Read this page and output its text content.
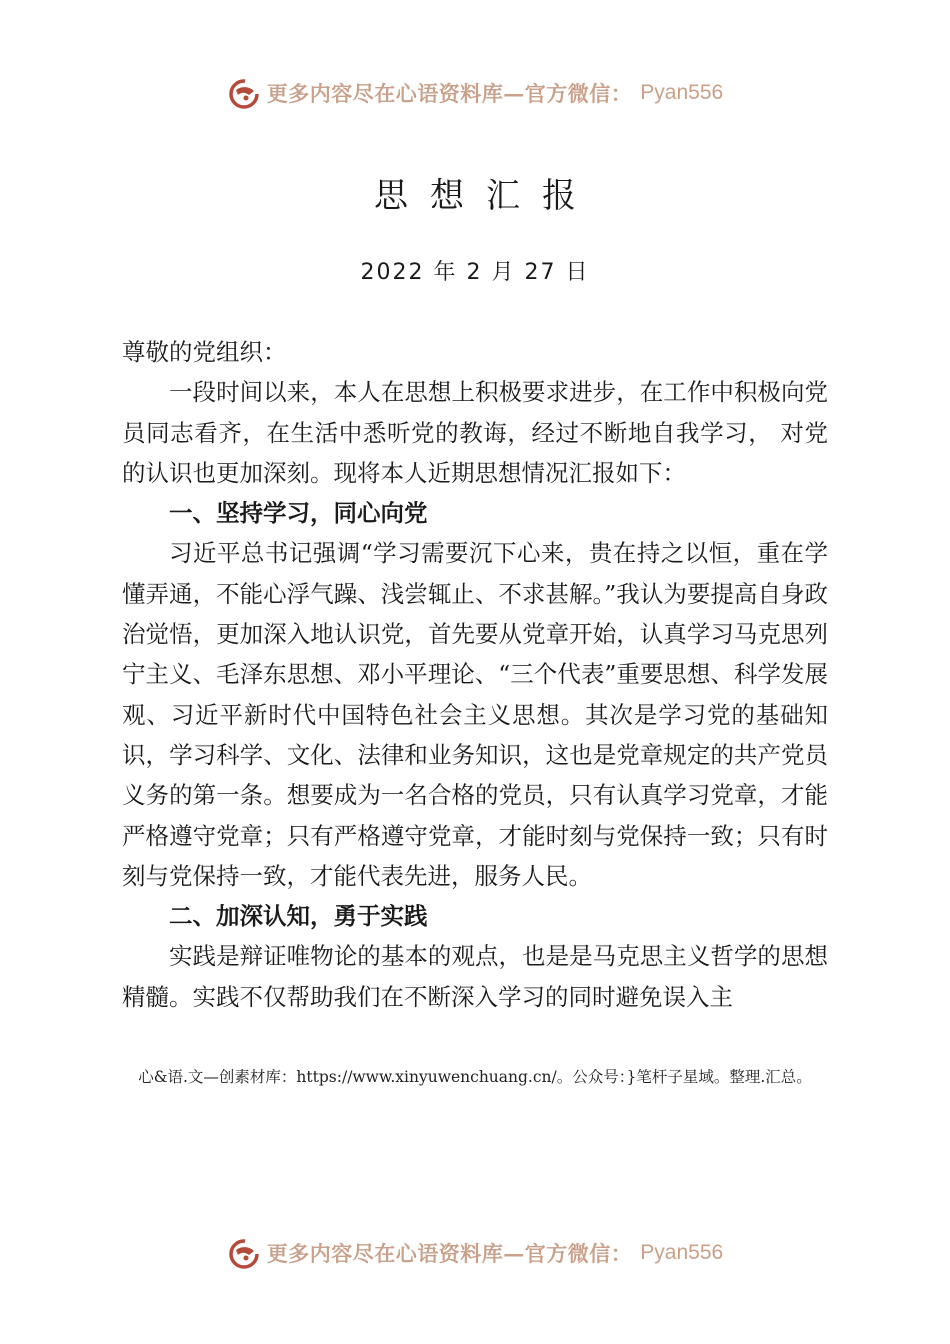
更多内容尽在心语资料库—官方微信： Pyan556
思想汇报
2022 年 2 月 27 日

尊敬的党组织：

一段时间以来，本人在思想上积极要求进步，在工作中积极向党员同志看齐，在生活中悉听党的教诲，经过不断地自我学习， 对党的认识也更加深刻。现将本人近期思想情况汇报如下：

一、坚持学习，同心向党

习近平总书记强调“学习需要沉下心来，贵在持之以恒，重在学懂弄通，不能心浮气躁、浅尝辄止、不求甚解。”我认为要提高自身政治觉悟，更加深入地认识党，首先要从党章开始，认真学习马克思列宁主义、毛泽东思想、邓小平理论、“三个代表”重要思想、科学发展观、习近平新时代中国特色社会主义思想。其次是学习党的基础知识，学习科学、文化、法律和业务知识，这也是党章规定的共产党员义务的第一条。想要成为一名合格的党员，只有认真学习党章，才能严格遵守党章；只有严格遵守党章，才能时刻与党保持一致；只有时刻与党保持一致，才能代表先进，服务人民。

二、加深认知，勇于实践

实践是辩证唯物论的基本的观点，也是是马克思主义哲学的思想精髓。实践不仅帮助我们在不断深入学习的同时避免误入主

心&语.文—创素材库：https://www.xinyuwenchuang.cn/。公众号：}笔杆子星域。整理.汇总。
更多内容尽在心语资料库—官方微信： Pyan556
